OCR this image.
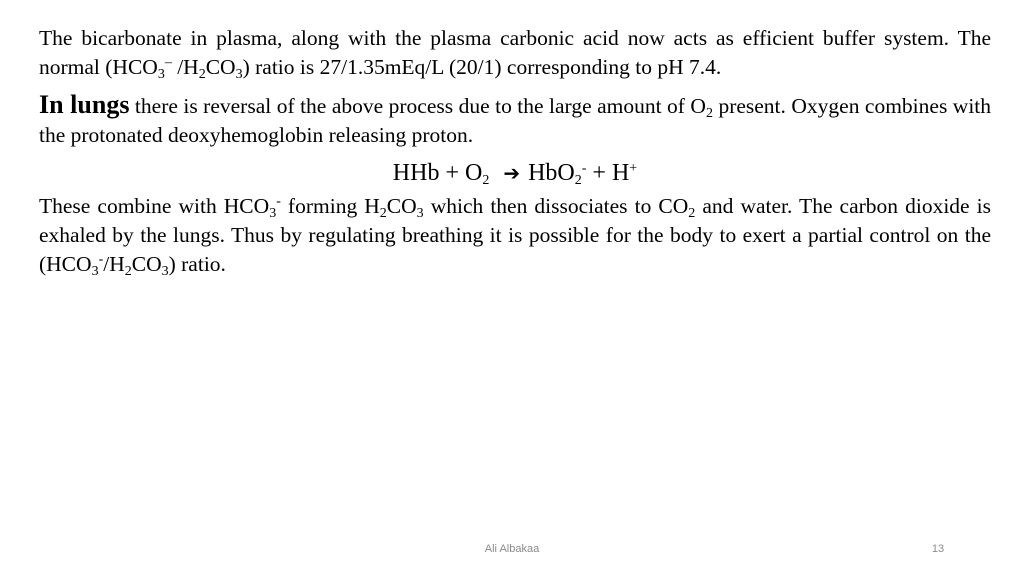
The bicarbonate in plasma, along with the plasma carbonic acid now acts as efficient buffer system. The normal ($HCO_3^-$ $/H_2CO_3$) ratio is 27/1.35mEq/L (20/1) corresponding to pH 7.4.

In lungs there is reversal of the above process due to the large amount of $O_2$ present. Oxygen combines with the protonated deoxyhemoglobin releasing proton.

HHb + $O_2$ ➔ HbO$_2$- + H+

These combine with $HCO_3^-$ forming $H_2CO_3$ which then dissociates to $CO_2$ and water. The carbon dioxide is exhaled by the lungs. Thus by regulating breathing it is possible for the body to exert a partial control on the $(HCO_3^-/H_2CO_3)$ ratio.

Ali Albakaa	13
